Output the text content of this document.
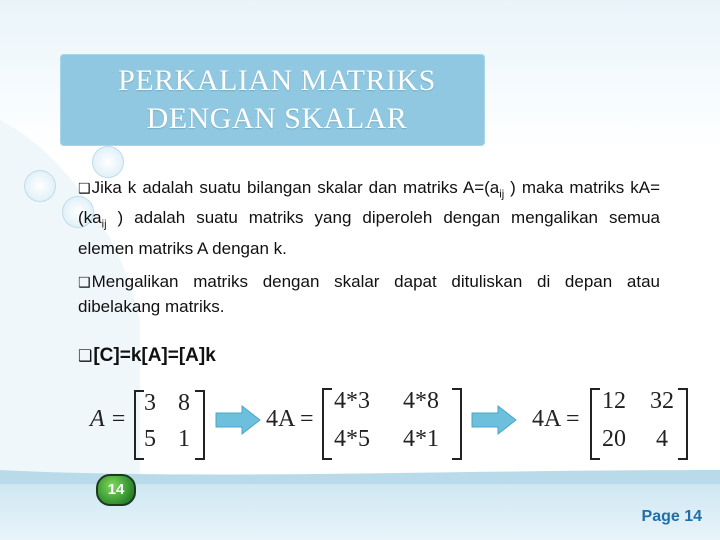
PERKALIAN MATRIKS
DENGAN SKALAR
❑Jika k adalah suatu bilangan skalar dan matriks $A=(a_{ij}$ ) maka matriks $kA=(ka_{ij}$ ) adalah suatu matriks yang diperoleh dengan mengalikan semua elemen matriks A dengan k.
❑Mengalikan matriks dengan skalar dapat dituliskan di depan atau dibelakang matriks.
❑[C]=k[A]=[A]k
A =
3 8
5 1
4A =
4*3 4*8
4*5 4*1
4A =
12 32
20 4
14
Page 14
